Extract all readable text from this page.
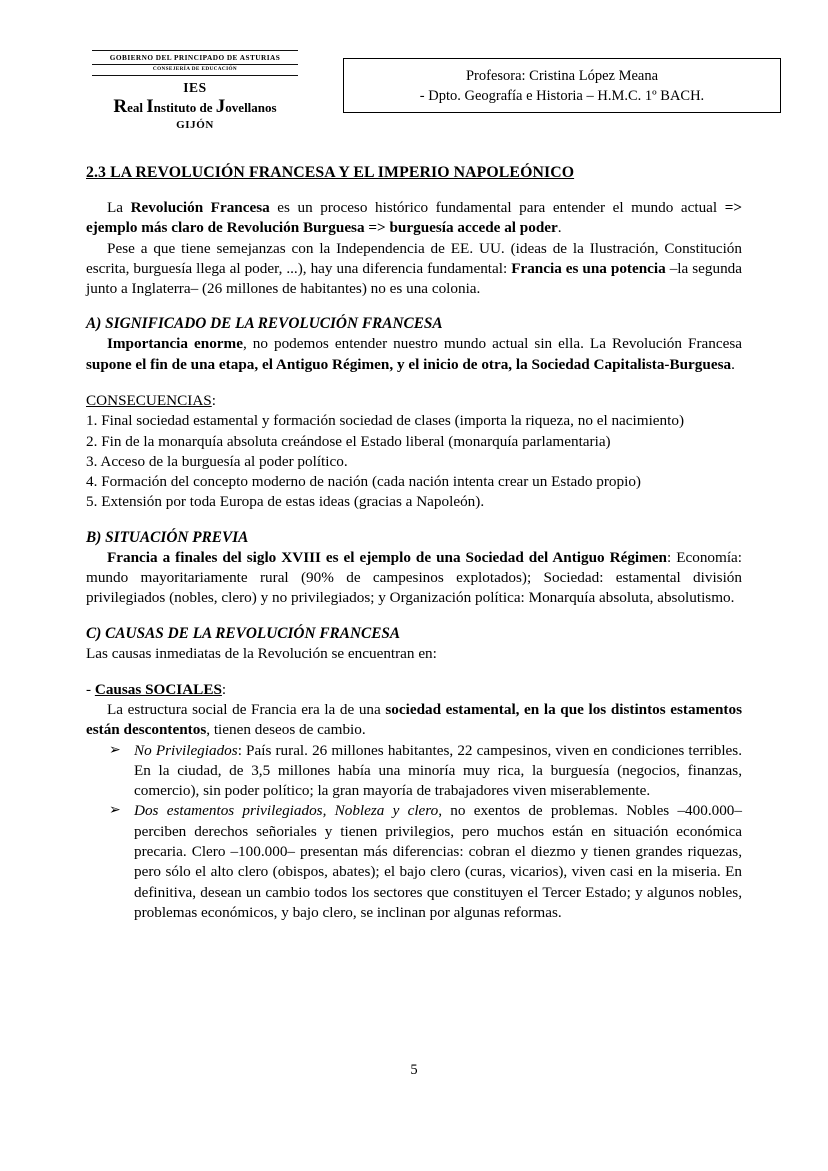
GOBIERNO DEL PRINCIPADO DE ASTURIAS
CONSEJERÍA DE EDUCACIÓN
IES
Real Instituto de Jovellanos
GIJÓN
Profesora: Cristina López Meana
- Dpto. Geografía e Historia – H.M.C. 1º BACH.
2.3 LA REVOLUCIÓN FRANCESA Y EL IMPERIO NAPOLEÓNICO

La Revolución Francesa es un proceso histórico fundamental para entender el mundo actual => ejemplo más claro de Revolución Burguesa => burguesía accede al poder.

Pese a que tiene semejanzas con la Independencia de EE. UU. (ideas de la Ilustración, Constitución escrita, burguesía llega al poder, ...), hay una diferencia fundamental: Francia es una potencia –la segunda junto a Inglaterra– (26 millones de habitantes) no es una colonia.

A) SIGNIFICADO DE LA REVOLUCIÓN FRANCESA

Importancia enorme, no podemos entender nuestro mundo actual sin ella. La Revolución Francesa supone el fin de una etapa, el Antiguo Régimen, y el inicio de otra, la Sociedad Capitalista-Burguesa.

CONSECUENCIAS:

1. Final sociedad estamental y formación sociedad de clases (importa la riqueza, no el nacimiento)

2. Fin de la monarquía absoluta creándose el Estado liberal (monarquía parlamentaria)

3. Acceso de la burguesía al poder político.

4. Formación del concepto moderno de nación (cada nación intenta crear un Estado propio)

5. Extensión por toda Europa de estas ideas (gracias a Napoleón).

B) SITUACIÓN PREVIA

Francia a finales del siglo XVIII es el ejemplo de una Sociedad del Antiguo Régimen: Economía: mundo mayoritariamente rural (90% de campesinos explotados); Sociedad: estamental división privilegiados (nobles, clero) y no privilegiados; y Organización política: Monarquía absoluta, absolutismo.

C) CAUSAS DE LA REVOLUCIÓN FRANCESA

Las causas inmediatas de la Revolución se encuentran en:

- Causas SOCIALES:

La estructura social de Francia era la de una sociedad estamental, en la que los distintos estamentos están descontentos, tienen deseos de cambio.

➢ No Privilegiados: País rural. 26 millones habitantes, 22 campesinos, viven en condiciones terribles. En la ciudad, de 3,5 millones había una minoría muy rica, la burguesía (negocios, finanzas, comercio), sin poder político; la gran mayoría de trabajadores viven miserablemente.
➢ Dos estamentos privilegiados, Nobleza y clero, no exentos de problemas. Nobles –400.000– perciben derechos señoriales y tienen privilegios, pero muchos están en situación económica precaria. Clero –100.000– presentan más diferencias: cobran el diezmo y tienen grandes riquezas, pero sólo el alto clero (obispos, abates); el bajo clero (curas, vicarios), viven casi en la miseria. En definitiva, desean un cambio todos los sectores que constituyen el Tercer Estado; y algunos nobles, problemas económicos, y bajo clero, se inclinan por algunas reformas.
5
